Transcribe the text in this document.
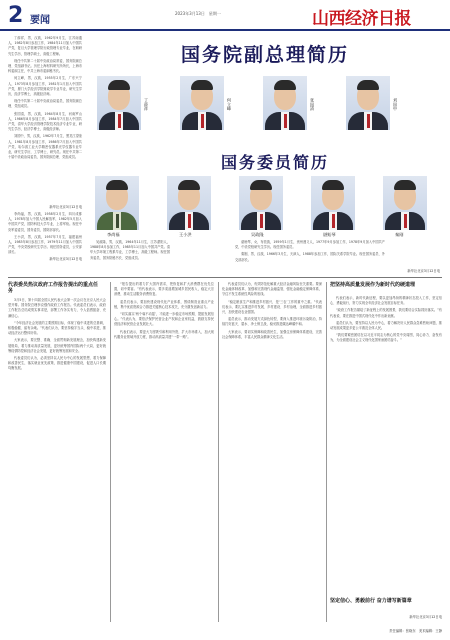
2 要闻
2023年3月13日　星期一	山西经济日报

丁薛祥，男，汉族，1962年9月生，江苏南通人，1982年8月参加工作，1984年11月加入中国共产党，复旦大学管理学院行政管理专业毕业，在职研究生学历，管理学硕士，高级工程师。

现任中共第二十届中央政治局常委，国务院副总理、党组副书记。历任上海材料研究所所长，上海市科委副主任，中共上海市委副秘书长。

何立峰，男，汉族，1955年2月生，广东兴宁人，1973年8月参加工作，1981年1月加入中国共产党，厦门大学经济学院财政学专业毕业，研究生学历，经济学博士，高级经济师。

现任中共第二十届中央政治局委员，国务院副总理、党组成员。

张国清，男，汉族，1964年8月生，河南罗山人，1986年8月参加工作，1984年7月加入中国共产党，清华大学经济管理学院技术经济专业毕业，研究生学历，经济学博士，高级经济师。

刘国中，男，汉族，1962年7月生，黑龙江望奎人，1981年8月参加工作，1986年7月加入中国共产党，哈尔滨工业大学精密仪器系光学仪器专业毕业，研究生学历，工学博士，研究员。现任中共第二十届中央政治局委员，国务院副总理、党组成员。

新华社北京3月12日电

李尚福，男，汉族，1958年2月生，四川成都人，1978年加入中国人民解放军，1982年5月加入中国共产党，国防科技大学毕业，上将军衔。现任中央军委委员，国务委员，国防部部长。

王小洪，男，汉族，1957年7月生，福建福州人，1983年8月参加工作，1979年11月加入中国共产党，中央党校研究生学历。现任国务委员，公安部部长。

新华社北京3月12日电
国务院副总理简历
国务委员简历

吴政隆，男，汉族，1964年11月生，江苏溧阳人，1988年8月参加工作，1985年11月加入中国共产党。清华大学环境工程系毕业，工学博士，高级工程师。现任国务委员，国务院秘书长、党组成员。

谌贻琴，女，布依族，1959年1月生，贵州遵义人，1977年9月参加工作，1978年9月加入中国共产党，中央党校研究生学历。现任国务委员。

秦刚，男，汉族，1966年3月生，天津人，1988年参加工作，国际关系学院毕业。现任国务委员、外交部部长。

新华社北京3月12日电
代表委员热议政府工作报告提出的重点任务

3月5日，第十四届全国人民代表大会第一次会议在北京人民大会堂开幕。国务院总理李克强作政府工作报告。代表委员们表示，政府工作报告总结成绩实事求是，部署工作务实有力，令人倍感振奋、充满信心。

“今年经济社会发展的主要预期目标，体现了稳中求进的总基调，积极稳健、留有余地。”代表们认为，要坚持稳字当头、稳中求进，推动经济运行整体好转。

大家表示，要完整、准确、全面贯彻新发展理念，加快构建新发展格局，着力推动高质量发展，更好统筹国内国际两个大局，更好统筹疫情防控和经济社会发展，更好统筹发展和安全。

代表委员们认为，必须坚持以人民为中心的发展思想，着力保障和改善民生，落实就业优先政策，推进健康中国建设，促进人口长期均衡发展。

“报告提出的着力扩大国内需求，把恢复和扩大消费摆在优先位置，切中要害。”有代表表示，要多渠道增加城乡居民收入，稳定大宗消费，推动生活服务消费恢复。

委员们表示，要加快建设现代化产业体系，围绕制造业重点产业链，集中优质资源合力推进关键核心技术攻关，充分激发创新活力。

“切实落实‘两个毫不动摇’，才能进一步稳定市场预期、提振发展信心。”代表认为，要依法保护民营企业产权和企业家权益，鼓励支持民营经济和民营企业发展壮大。

代表们表示，要更大力度吸引和利用外资，扩大市场准入，加大现代服务业领域开放力度，推动高质量共建“一带一路”。

代表委员们认为，有效防范化解重大经济金融风险至关重要。要深化金融体制改革，加强和完善现代金融监管，强化金融稳定保障体系，守住不发生系统性风险的底线。

“稳定粮食生产和推进乡村振兴，是‘三农’工作的重中之重。”代表们表示，要扎实推进乡村发展、乡村建设、乡村治理，全面推进乡村振兴，加快建设农业强国。

委员表示，推动发展方式绿色转型，要深入推进环境污染防治，持续打好蓝天、碧水、净土保卫战，稳妥推进碳达峰碳中和。

大家表示，要切实保障和改善民生，加强住房保障体系建设，完善社会保障体系，丰富人民群众精神文化生活。

把坚持高质量发展作为新时代的硬道理

代表们表示，新时代新征程，要以更加昂扬的精神状态投入工作，坚定信心、勇毅前行，努力实现全年经济社会发展目标任务。

“政府工作报告描绘了新征程上的发展图景，我们要结合实际抓好落实。”有代表说，要在推进中国式现代化中作出新贡献。

委员们认为，要坚持以人民为中心，着力解决好人民群众急难愁盼问题，推动发展成果更多更公平惠及全体人民。

“我们要紧密团结在以习近平同志为核心的党中央周围，同心协力、奋发有为，为全面建设社会主义现代化国家而团结奋斗。”

坚定信心、勇毅前行 奋力谱写新篇章
新华社北京3月12日电
责任编辑：张晓东　美术编辑：王静
丁薛祥	何立峰	张国清	刘国中
李尚福	王小洪	吴政隆	谌贻琴	秦刚
